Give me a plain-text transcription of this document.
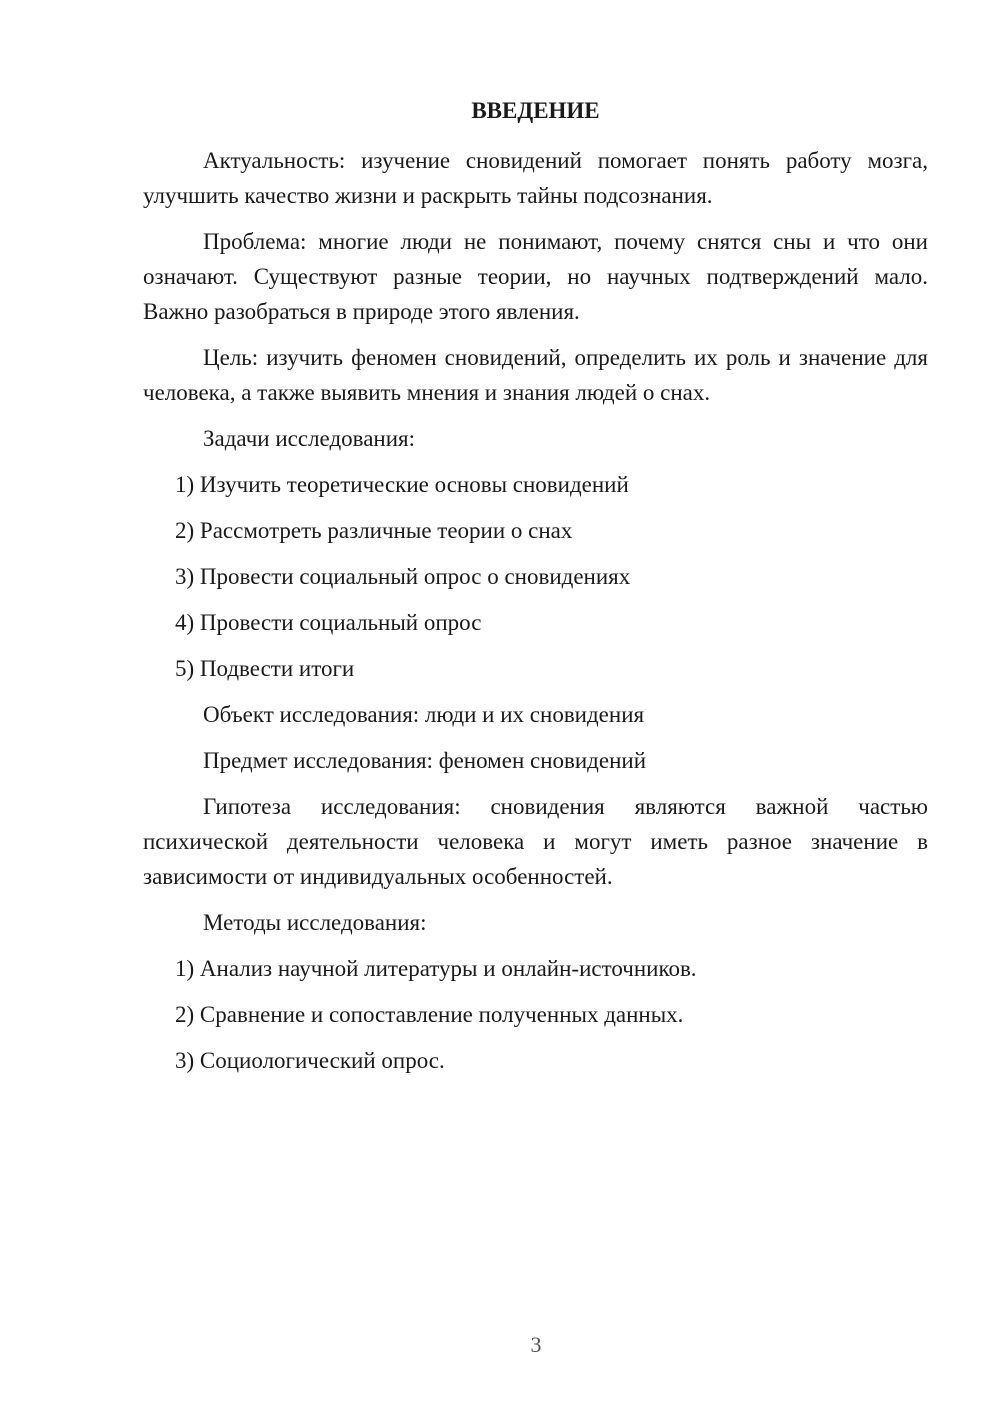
ВВЕДЕНИЕ
Актуальность: изучение сновидений помогает понять работу мозга, улучшить качество жизни и раскрыть тайны подсознания.
Проблема: многие люди не понимают, почему снятся сны и что они означают. Существуют разные теории, но научных подтверждений мало. Важно разобраться в природе этого явления.
Цель: изучить феномен сновидений, определить их роль и значение для человека, а также выявить мнения и знания людей о снах.
Задачи исследования:
1) Изучить теоретические основы сновидений
2) Рассмотреть различные теории о снах
3) Провести социальный опрос о сновидениях
4) Провести социальный опрос
5) Подвести итоги
Объект исследования: люди и их сновидения
Предмет исследования: феномен сновидений
Гипотеза исследования: сновидения являются важной частью психической деятельности человека и могут иметь разное значение в зависимости от индивидуальных особенностей.
Методы исследования:
1) Анализ научной литературы и онлайн-источников.
2) Сравнение и сопоставление полученных данных.
3) Социологический опрос.
3
